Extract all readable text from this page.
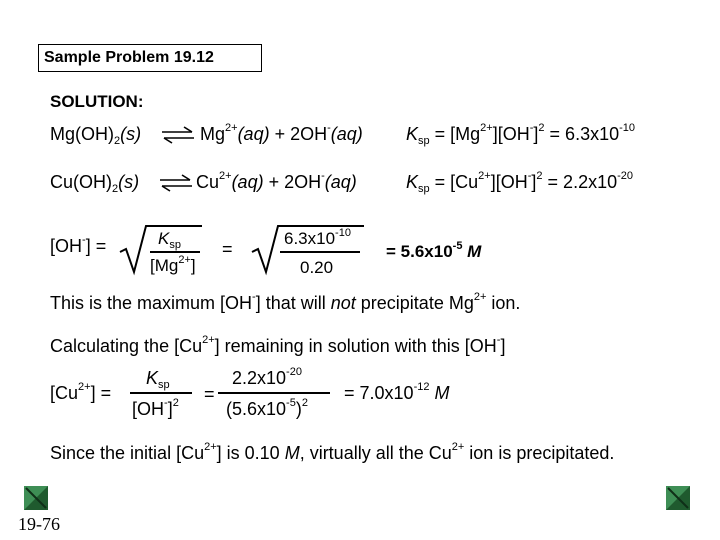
Sample Problem 19.12
SOLUTION:
$Mg(OH)_2(s)$ ⇌ $Mg^{2+}(aq) + 2OH^-(aq) K_{sp} = [Mg^{2+}][OH^-]^2 = 6.3x10^{-10}$
$Cu(OH)_2(s)$ ⇌ $Cu^{2+}(aq) + 2OH^-(aq)$	$K_{sp} = [Cu^{2+}][OH^-]^2 = 2.2x10^{-20}$
[OH-] =	$K_{sp}$
$[Mg^{2+}]$
=
$6.3x10^{-10}$
0.20
= $5.6x10^{-5}$ M
This is the maximum [OH-] that will not precipitate $Mg^{2+}$ ion.
Calculating the $[Cu^{2+}]$ remaining in solution with this [OH-]
$[Cu^{2+}]$ =
$K_{sp}$
$[OH^-]^2$ =
$2.2x10^{-20}$
$(5.6x10^{-5})^2 = 7.0x10^{-12}$ M
Since the initial $[Cu^{2+}]$ is 0.10 M, virtually all the $Cu^{2+}$ ion is precipitated.
19-76
